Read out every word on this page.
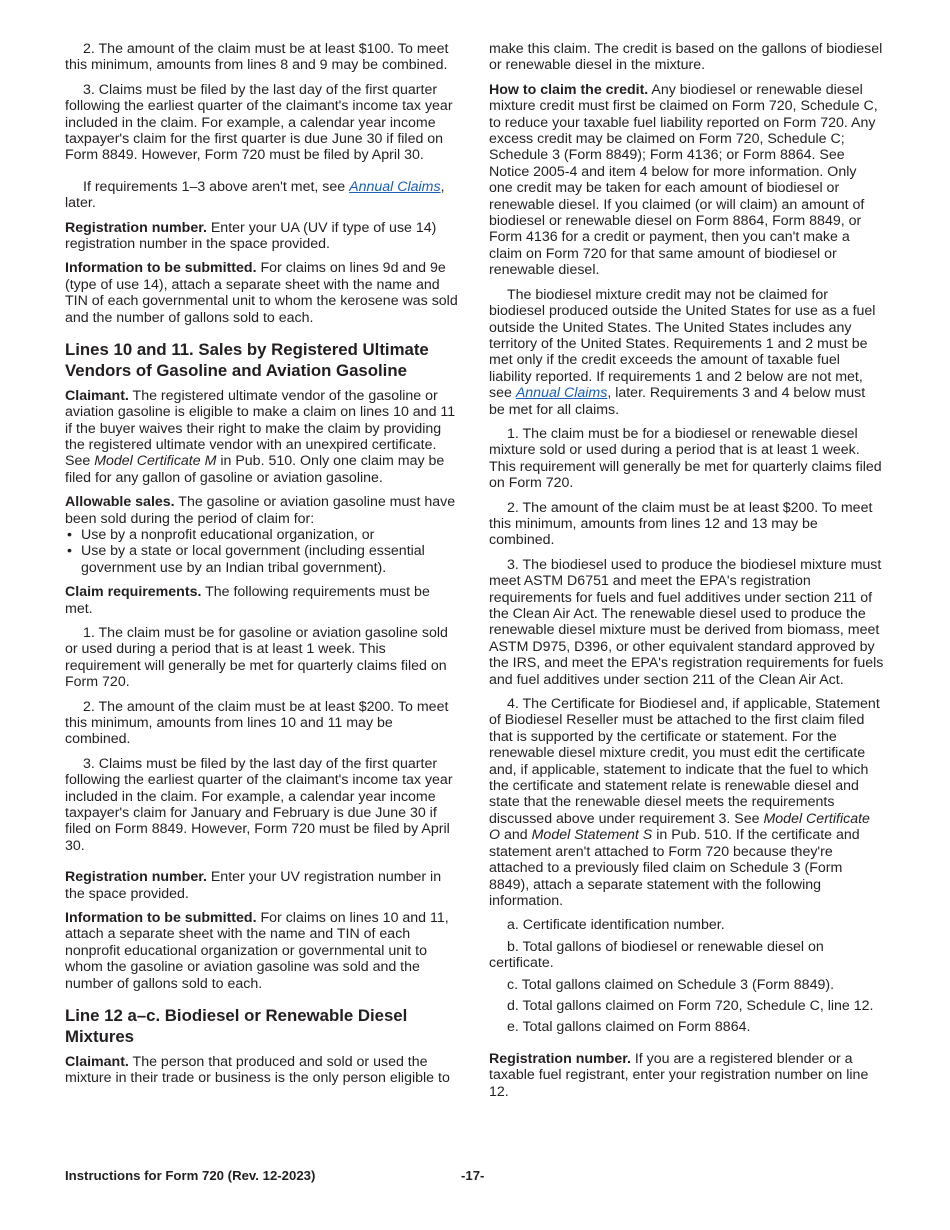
2. The amount of the claim must be at least $100. To meet this minimum, amounts from lines 8 and 9 may be combined.

3. Claims must be filed by the last day of the first quarter following the earliest quarter of the claimant's income tax year included in the claim. For example, a calendar year income taxpayer's claim for the first quarter is due June 30 if filed on Form 8849. However, Form 720 must be filed by April 30.

If requirements 1–3 above aren't met, see Annual Claims, later.

Registration number. Enter your UA (UV if type of use 14) registration number in the space provided.

Information to be submitted. For claims on lines 9d and 9e (type of use 14), attach a separate sheet with the name and TIN of each governmental unit to whom the kerosene was sold and the number of gallons sold to each.

Lines 10 and 11. Sales by Registered Ultimate Vendors of Gasoline and Aviation Gasoline

Claimant. The registered ultimate vendor of the gasoline or aviation gasoline is eligible to make a claim on lines 10 and 11 if the buyer waives their right to make the claim by providing the registered ultimate vendor with an unexpired certificate. See Model Certificate M in Pub. 510. Only one claim may be filed for any gallon of gasoline or aviation gasoline.

Allowable sales. The gasoline or aviation gasoline must have been sold during the period of claim for:

• Use by a nonprofit educational organization, or
• Use by a state or local government (including essential government use by an Indian tribal government).

Claim requirements. The following requirements must be met.

1. The claim must be for gasoline or aviation gasoline sold or used during a period that is at least 1 week. This requirement will generally be met for quarterly claims filed on Form 720.

2. The amount of the claim must be at least $200. To meet this minimum, amounts from lines 10 and 11 may be combined.

3. Claims must be filed by the last day of the first quarter following the earliest quarter of the claimant's income tax year included in the claim. For example, a calendar year income taxpayer's claim for January and February is due June 30 if filed on Form 8849. However, Form 720 must be filed by April 30.

Registration number. Enter your UV registration number in the space provided.

Information to be submitted. For claims on lines 10 and 11, attach a separate sheet with the name and TIN of each nonprofit educational organization or governmental unit to whom the gasoline or aviation gasoline was sold and the number of gallons sold to each.

Line 12 a–c. Biodiesel or Renewable Diesel Mixtures

Claimant. The person that produced and sold or used the mixture in their trade or business is the only person eligible to

make this claim. The credit is based on the gallons of biodiesel or renewable diesel in the mixture.

How to claim the credit. Any biodiesel or renewable diesel mixture credit must first be claimed on Form 720, Schedule C, to reduce your taxable fuel liability reported on Form 720. Any excess credit may be claimed on Form 720, Schedule C; Schedule 3 (Form 8849); Form 4136; or Form 8864. See Notice 2005-4 and item 4 below for more information. Only one credit may be taken for each amount of biodiesel or renewable diesel. If you claimed (or will claim) an amount of biodiesel or renewable diesel on Form 8864, Form 8849, or Form 4136 for a credit or payment, then you can't make a claim on Form 720 for that same amount of biodiesel or renewable diesel.

The biodiesel mixture credit may not be claimed for biodiesel produced outside the United States for use as a fuel outside the United States. The United States includes any territory of the United States. Requirements 1 and 2 must be met only if the credit exceeds the amount of taxable fuel liability reported. If requirements 1 and 2 below are not met, see Annual Claims, later. Requirements 3 and 4 below must be met for all claims.

1. The claim must be for a biodiesel or renewable diesel mixture sold or used during a period that is at least 1 week. This requirement will generally be met for quarterly claims filed on Form 720.

2. The amount of the claim must be at least $200. To meet this minimum, amounts from lines 12 and 13 may be combined.

3. The biodiesel used to produce the biodiesel mixture must meet ASTM D6751 and meet the EPA's registration requirements for fuels and fuel additives under section 211 of the Clean Air Act. The renewable diesel used to produce the renewable diesel mixture must be derived from biomass, meet ASTM D975, D396, or other equivalent standard approved by the IRS, and meet the EPA's registration requirements for fuels and fuel additives under section 211 of the Clean Air Act.

4. The Certificate for Biodiesel and, if applicable, Statement of Biodiesel Reseller must be attached to the first claim filed that is supported by the certificate or statement. For the renewable diesel mixture credit, you must edit the certificate and, if applicable, statement to indicate that the fuel to which the certificate and statement relate is renewable diesel and state that the renewable diesel meets the requirements discussed above under requirement 3. See Model Certificate O and Model Statement S in Pub. 510. If the certificate and statement aren't attached to Form 720 because they're attached to a previously filed claim on Schedule 3 (Form 8849), attach a separate statement with the following information.

a. Certificate identification number.

b. Total gallons of biodiesel or renewable diesel on certificate.

c. Total gallons claimed on Schedule 3 (Form 8849).

d. Total gallons claimed on Form 720, Schedule C, line 12.

e. Total gallons claimed on Form 8864.

Registration number. If you are a registered blender or a taxable fuel registrant, enter your registration number on line 12.

Instructions for Form 720 (Rev. 12-2023)	-17-
